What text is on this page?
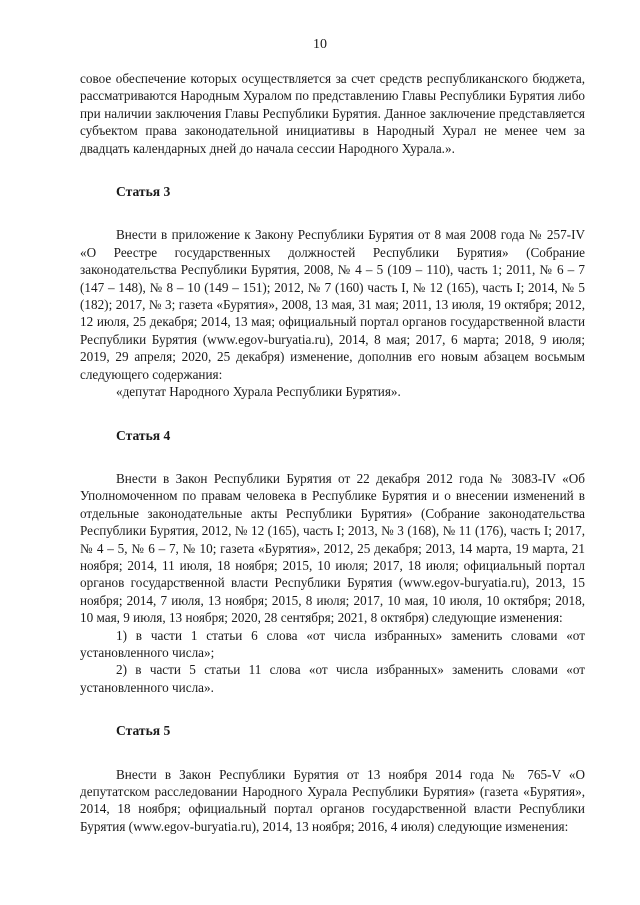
10

совое обеспечение которых осуществляется за счет средств республиканского бюджета, рассматриваются Народным Хуралом по представлению Главы Республики Бурятия либо при наличии заключения Главы Республики Бурятия. Данное заключение представляется субъектом права законодательной инициативы в Народный Хурал не менее чем за двадцать календарных дней до начала сессии Народного Хурала.».

Статья 3

Внести в приложение к Закону Республики Бурятия от 8 мая 2008 года № 257-IV «О Реестре государственных должностей Республики Бурятия» (Собрание законодательства Республики Бурятия, 2008, № 4 – 5 (109 – 110), часть 1; 2011, № 6 – 7 (147 – 148), № 8 – 10 (149 – 151); 2012, № 7 (160) часть I, № 12 (165), часть I; 2014, № 5 (182); 2017, № 3; газета «Бурятия», 2008, 13 мая, 31 мая; 2011, 13 июля, 19 октября; 2012, 12 июля, 25 декабря; 2014, 13 мая; официальный портал органов государственной власти Республики Бурятия (www.egov-buryatia.ru), 2014, 8 мая; 2017, 6 марта; 2018, 9 июля; 2019, 29 апреля; 2020, 25 декабря) изменение, дополнив его новым абзацем восьмым следующего содержания:

«депутат Народного Хурала Республики Бурятия».

Статья 4

Внести в Закон Республики Бурятия от 22 декабря 2012 года № 3083-IV «Об Уполномоченном по правам человека в Республике Бурятия и о внесении изменений в отдельные законодательные акты Республики Бурятия» (Собрание законодательства Республики Бурятия, 2012, № 12 (165), часть I; 2013, № 3 (168), № 11 (176), часть I; 2017, № 4 – 5, № 6 – 7, № 10; газета «Бурятия», 2012, 25 декабря; 2013, 14 марта, 19 марта, 21 ноября; 2014, 11 июля, 18 ноября; 2015, 10 июля; 2017, 18 июля; официальный портал органов государственной власти Республики Бурятия (www.egov-buryatia.ru), 2013, 15 ноября; 2014, 7 июля, 13 ноября; 2015, 8 июля; 2017, 10 мая, 10 июля, 10 октября; 2018, 10 мая, 9 июля, 13 ноября; 2020, 28 сентября; 2021, 8 октября) следующие изменения:

1) в части 1 статьи 6 слова «от числа избранных» заменить словами «от установленного числа»;

2) в части 5 статьи 11 слова «от числа избранных» заменить словами «от установленного числа».

Статья 5

Внести в Закон Республики Бурятия от 13 ноября 2014 года № 765-V «О депутатском расследовании Народного Хурала Республики Бурятия» (газета «Бурятия», 2014, 18 ноября; официальный портал органов государственной власти Республики Бурятия (www.egov-buryatia.ru), 2014, 13 ноября; 2016, 4 июля) следующие изменения:
